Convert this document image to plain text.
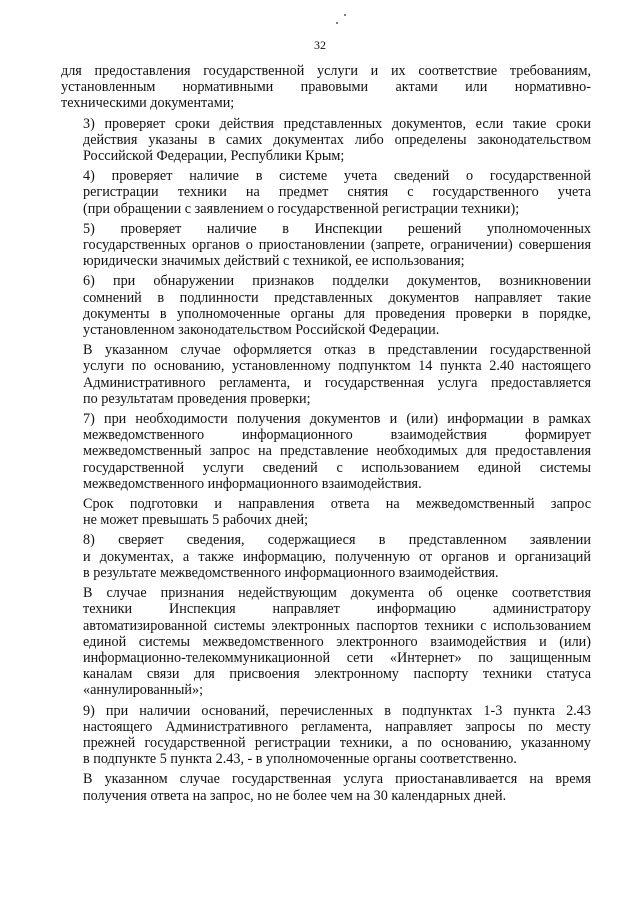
32

для предоставления государственной услуги и их соответствие требованиям,
установленным нормативными правовыми актами или нормативно-
техническими документами;

3) проверяет сроки действия представленных документов, если такие сроки
действия указаны в самих документах либо определены законодательством
Российской Федерации, Республики Крым;

4) проверяет наличие в системе учета сведений о государственной
регистрации техники на предмет снятия с государственного учета
(при обращении с заявлением о государственной регистрации техники);

5) проверяет наличие в Инспекции решений уполномоченных
государственных органов о приостановлении (запрете, ограничении) совершения
юридически значимых действий с техникой, ее использования;

6) при обнаружении признаков подделки документов, возникновении
сомнений в подлинности представленных документов направляет такие
документы в уполномоченные органы для проведения проверки в порядке,
установленном законодательством Российской Федерации.

В указанном случае оформляется отказ в представлении государственной
услуги по основанию, установленному подпунктом 14 пункта 2.40 настоящего
Административного регламента, и государственная услуга предоставляется
по результатам проведения проверки;

7) при необходимости получения документов и (или) информации в рамках
межведомственного информационного взаимодействия формирует
межведомственный запрос на представление необходимых для предоставления
государственной услуги сведений с использованием единой системы
межведомственного информационного взаимодействия.

Срок подготовки и направления ответа на межведомственный запрос
не может превышать 5 рабочих дней;

8) сверяет сведения, содержащиеся в представленном заявлении
и документах, а также информацию, полученную от органов и организаций
в результате межведомственного информационного взаимодействия.

В случае признания недействующим документа об оценке соответствия
техники Инспекция направляет информацию администратору
автоматизированной системы электронных паспортов техники с использованием
единой системы межведомственного электронного взаимодействия и (или)
информационно-телекоммуникационной сети «Интернет» по защищенным
каналам связи для присвоения электронному паспорту техники статуса
«аннулированный»;

9) при наличии оснований, перечисленных в подпунктах 1-3 пункта 2.43
настоящего Административного регламента, направляет запросы по месту
прежней государственной регистрации техники, а по основанию, указанному
в подпункте 5 пункта 2.43, - в уполномоченные органы соответственно.

В указанном случае государственная услуга приостанавливается на время
получения ответа на запрос, но не более чем на 30 календарных дней.
